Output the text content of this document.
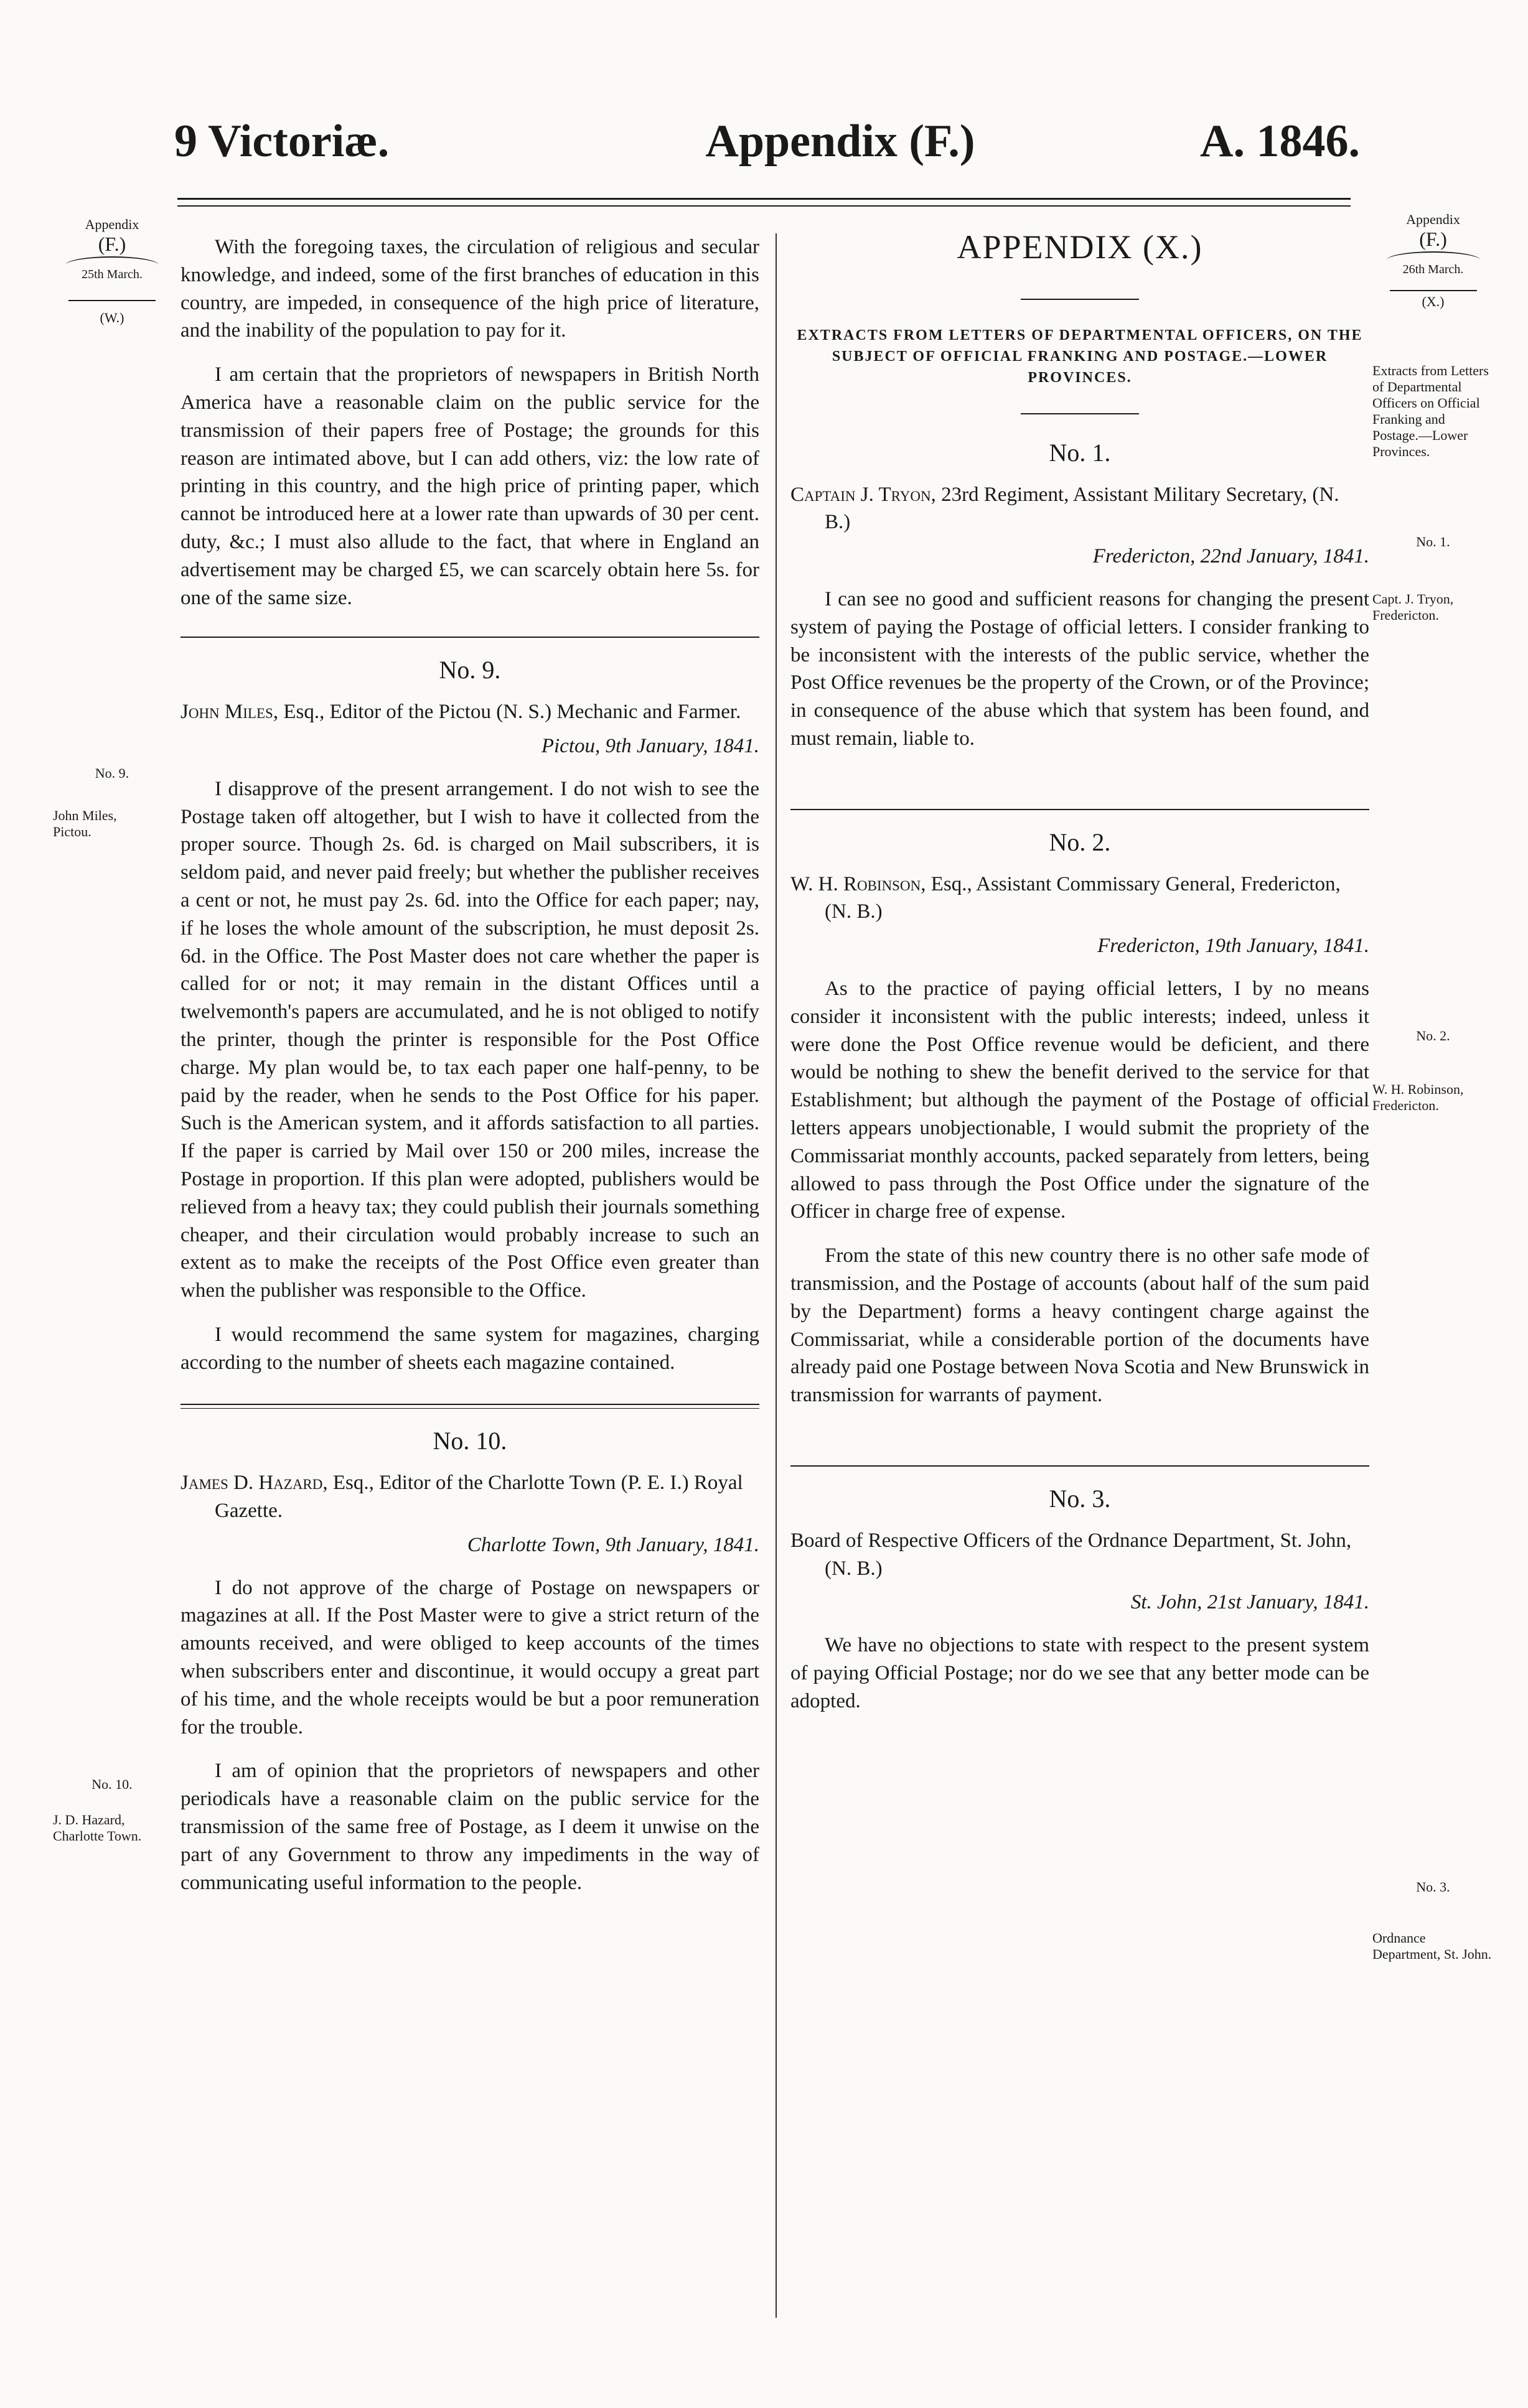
9 Victoriæ.	Appendix (F.)	A. 1846.
Appendix
(F.)
25th March.
(W.)
No. 9.
John Miles, Pictou.
No. 10.
J. D. Hazard, Charlotte Town.
Appendix
(F.)
26th March.
(X.)
Extracts from Letters of Departmental Officers on Official Franking and Postage.—Lower Provinces.
No. 1.
Capt. J. Tryon, Fredericton.
No. 2.
W. H. Robinson, Fredericton.
No. 3.
Ordnance Department, St. John.

With the foregoing taxes, the circulation of religious and secular knowledge, and indeed, some of the first branches of education in this country, are impeded, in consequence of the high price of literature, and the inability of the population to pay for it.

I am certain that the proprietors of newspapers in British North America have a reasonable claim on the public service for the transmission of their papers free of Postage; the grounds for this reason are intimated above, but I can add others, viz: the low rate of printing in this country, and the high price of printing paper, which cannot be introduced here at a lower rate than upwards of 30 per cent. duty, &c.; I must also allude to the fact, that where in England an advertisement may be charged £5, we can scarcely obtain here 5s. for one of the same size.

No. 9.

John Miles, Esq., Editor of the Pictou (N. S.) Mechanic and Farmer.

Pictou, 9th January, 1841.

I disapprove of the present arrangement. I do not wish to see the Postage taken off altogether, but I wish to have it collected from the proper source. Though 2s. 6d. is charged on Mail subscribers, it is seldom paid, and never paid freely; but whether the publisher receives a cent or not, he must pay 2s. 6d. into the Office for each paper; nay, if he loses the whole amount of the subscription, he must deposit 2s. 6d. in the Office. The Post Master does not care whether the paper is called for or not; it may remain in the distant Offices until a twelvemonth's papers are accumulated, and he is not obliged to notify the printer, though the printer is responsible for the Post Office charge. My plan would be, to tax each paper one half-penny, to be paid by the reader, when he sends to the Post Office for his paper. Such is the American system, and it affords satisfaction to all parties. If the paper is carried by Mail over 150 or 200 miles, increase the Postage in proportion. If this plan were adopted, publishers would be relieved from a heavy tax; they could publish their journals something cheaper, and their circulation would probably increase to such an extent as to make the receipts of the Post Office even greater than when the publisher was responsible to the Office.

I would recommend the same system for magazines, charging according to the number of sheets each magazine contained.

No. 10.

James D. Hazard, Esq., Editor of the Charlotte Town (P. E. I.) Royal Gazette.

Charlotte Town, 9th January, 1841.

I do not approve of the charge of Postage on newspapers or magazines at all. If the Post Master were to give a strict return of the amounts received, and were obliged to keep accounts of the times when subscribers enter and discontinue, it would occupy a great part of his time, and the whole receipts would be but a poor remuneration for the trouble.

I am of opinion that the proprietors of newspapers and other periodicals have a reasonable claim on the public service for the transmission of the same free of Postage, as I deem it unwise on the part of any Government to throw any impediments in the way of communicating useful information to the people.

APPENDIX (X.)
EXTRACTS FROM LETTERS OF DEPARTMENTAL OFFICERS, ON THE SUBJECT OF OFFICIAL FRANKING AND POSTAGE.—LOWER PROVINCES.
No. 1.

Captain J. Tryon, 23rd Regiment, Assistant Military Secretary, (N. B.)

Fredericton, 22nd January, 1841.

I can see no good and sufficient reasons for changing the present system of paying the Postage of official letters. I consider franking to be inconsistent with the interests of the public service, whether the Post Office revenues be the property of the Crown, or of the Province; in consequence of the abuse which that system has been found, and must remain, liable to.

No. 2.

W. H. Robinson, Esq., Assistant Commissary General, Fredericton, (N. B.)

Fredericton, 19th January, 1841.

As to the practice of paying official letters, I by no means consider it inconsistent with the public interests; indeed, unless it were done the Post Office revenue would be deficient, and there would be nothing to shew the benefit derived to the service for that Establishment; but although the payment of the Postage of official letters appears unobjectionable, I would submit the propriety of the Commissariat monthly accounts, packed separately from letters, being allowed to pass through the Post Office under the signature of the Officer in charge free of expense.

From the state of this new country there is no other safe mode of transmission, and the Postage of accounts (about half of the sum paid by the Department) forms a heavy contingent charge against the Commissariat, while a considerable portion of the documents have already paid one Postage between Nova Scotia and New Brunswick in transmission for warrants of payment.

No. 3.

Board of Respective Officers of the Ordnance Department, St. John, (N. B.)

St. John, 21st January, 1841.

We have no objections to state with respect to the present system of paying Official Postage; nor do we see that any better mode can be adopted.
